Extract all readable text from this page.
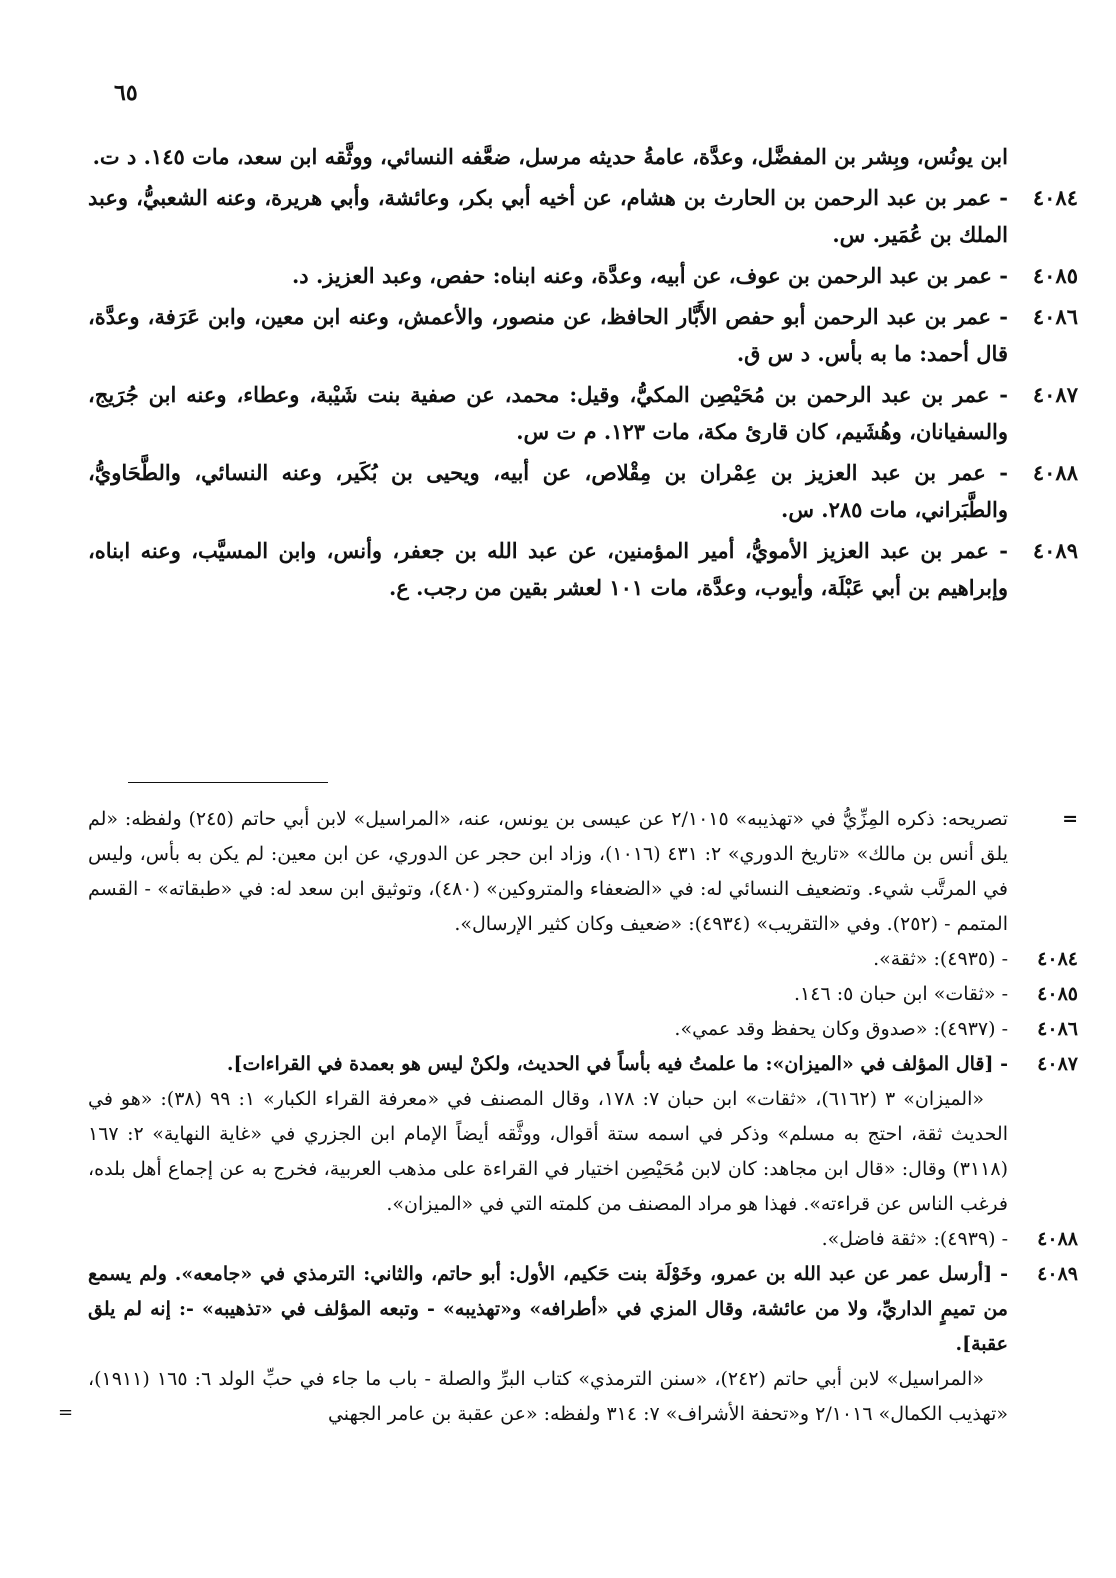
٦٥
ابن يونُس، وبِشر بن المفضَّل، وعدَّة، عامةُ حديثه مرسل، ضعَّفه النسائي، ووثَّقه ابن سعد، مات ١٤٥. د ت.
٤٠٨٤
- عمر بن عبد الرحمن بن الحارث بن هشام، عن أخيه أبي بكر، وعائشة، وأبي هريرة، وعنه الشعبيُّ، وعبد الملك بن عُمَير. س.
٤٠٨٥
- عمر بن عبد الرحمن بن عوف، عن أبيه، وعدَّة، وعنه ابناه: حفص، وعبد العزيز. د.
٤٠٨٦
- عمر بن عبد الرحمن أبو حفص الأَبَّار الحافظ، عن منصور، والأعمش، وعنه ابن معين، وابن عَرَفة، وعدَّة، قال أحمد: ما به بأس. د س ق.
٤٠٨٧
- عمر بن عبد الرحمن بن مُحَيْصِن المكيُّ، وقيل: محمد، عن صفية بنت شَيْبة، وعطاء، وعنه ابن جُرَيج، والسفيانان، وهُشَيم، كان قارئ مكة، مات ١٢٣. م ت س.
٤٠٨٨
- عمر بن عبد العزيز بن عِمْران بن مِقْلاص، عن أبيه، ويحيى بن بُكَير، وعنه النسائي، والطَّحَاويُّ، والطَّبَراني، مات ٢٨٥. س.
٤٠٨٩
- عمر بن عبد العزيز الأمويُّ، أمير المؤمنين، عن عبد الله بن جعفر، وأنس، وابن المسيَّب، وعنه ابناه، وإبراهيم بن أبي عَبْلَة، وأيوب، وعدَّة، مات ١٠١ لعشر بقين من رجب. ع.
=
تصريحه: ذكره المِزِّيُّ في «تهذيبه» ٢/١٠١٥ عن عيسى بن يونس، عنه، «المراسيل» لابن أبي حاتم (٢٤٥) ولفظه: «لم يلق أنس بن مالك» «تاريخ الدوري» ٢: ٤٣١ (١٠١٦)، وزاد ابن حجر عن الدوري، عن ابن معين: لم يكن به بأس، وليس في المرتَّب شيء. وتضعيف النسائي له: في «الضعفاء والمتروكين» (٤٨٠)، وتوثيق ابن سعد له: في «طبقاته» - القسم المتمم - (٢٥٢). وفي «التقريب» (٤٩٣٤): «ضعيف وكان كثير الإرسال».
٤٠٨٤
- (٤٩٣٥): «ثقة».
٤٠٨٥
- «ثقات» ابن حبان ٥: ١٤٦.
٤٠٨٦
- (٤٩٣٧): «صدوق وكان يحفظ وقد عمي».
٤٠٨٧
- [قال المؤلف في «الميزان»: ما علمتُ فيه بأساً في الحديث، ولكنْ ليس هو بعمدة في القراءات].
«الميزان» ٣ (٦١٦٢)، «ثقات» ابن حبان ٧: ١٧٨، وقال المصنف في «معرفة القراء الكبار» ١: ٩٩ (٣٨): «هو في الحديث ثقة، احتج به مسلم» وذكر في اسمه ستة أقوال، ووثَّقه أيضاً الإمام ابن الجزري في «غاية النهاية» ٢: ١٦٧ (٣١١٨) وقال: «قال ابن مجاهد: كان لابن مُحَيْصِن اختيار في القراءة على مذهب العربية، فخرج به عن إجماع أهل بلده، فرغب الناس عن قراءته». فهذا هو مراد المصنف من كلمته التي في «الميزان».
٤٠٨٨
- (٤٩٣٩): «ثقة فاضل».
٤٠٨٩
- [أرسل عمر عن عبد الله بن عمرو، وخَوْلَة بنت حَكيم، الأول: أبو حاتم، والثاني: الترمذي في «جامعه». ولم يسمع من تميمٍ الداريِّ، ولا من عائشة، وقال المزي في «أطرافه» و«تهذيبه» - وتبعه المؤلف في «تذهيبه» -: إنه لم يلق عقبة].
«المراسيل» لابن أبي حاتم (٢٤٢)، «سنن الترمذي» كتاب البرِّ والصلة - باب ما جاء في حبِّ الولد ٦: ١٦٥ (١٩١١)، «تهذيب الكمال» ٢/١٠١٦ و«تحفة الأشراف» ٧: ٣١٤ ولفظه: «عن عقبة بن عامر الجهني
=
